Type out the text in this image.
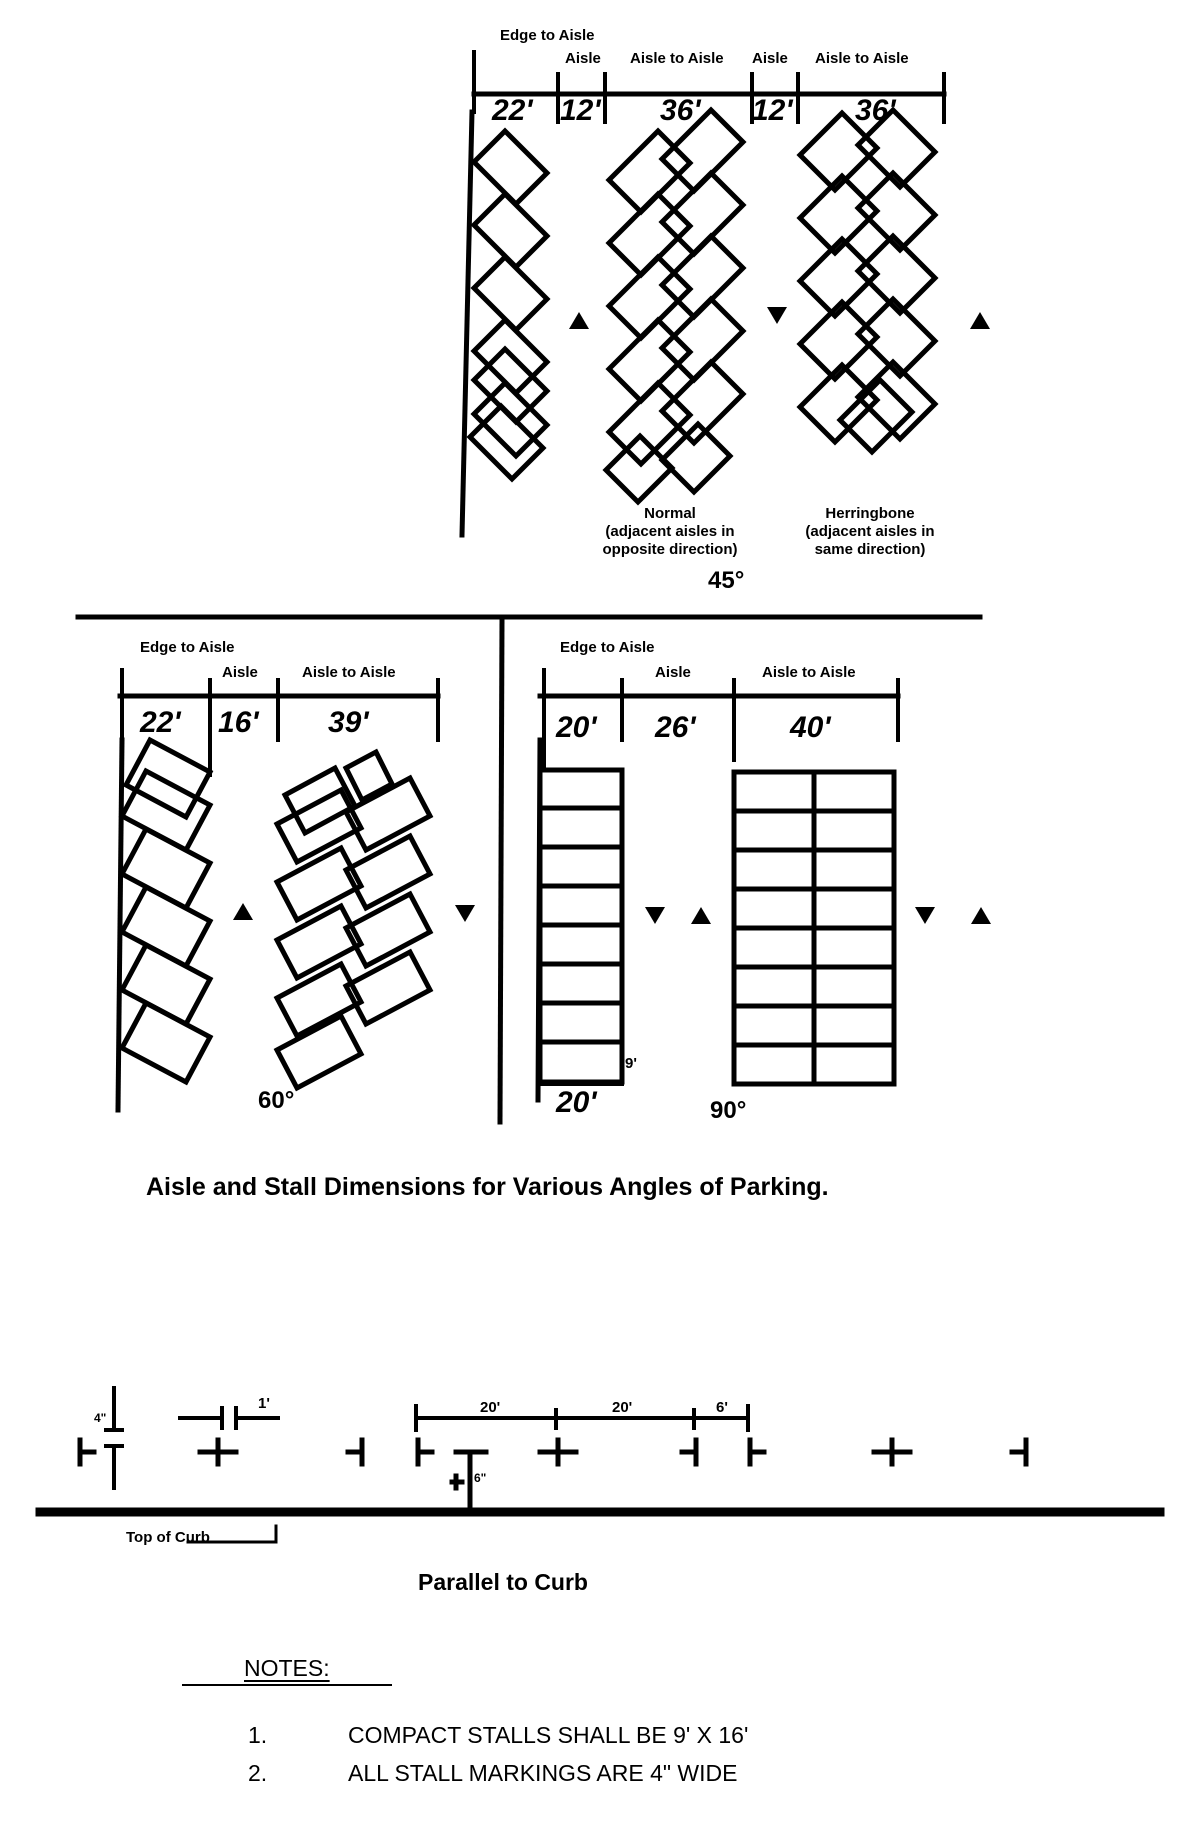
Edge to Aisle
Aisle Aisle to Aisle Aisle Aisle to Aisle
22' 12' 36' 12' 36'
Normal
(adjacent aisles in
opposite direction)
Herringbone
(adjacent aisles in
same direction)
45°
Edge to Aisle
Aisle	Aisle to Aisle
22' 16' 39'
60°
Edge to Aisle
Aisle	Aisle to Aisle
20' 26'	40'
9'
20'	90°
Aisle and Stall Dimensions for Various Angles of Parking.
20'	20'	6'
1'
4"
6"
Top of Curb
Parallel to Curb
NOTES:
1.	COMPACT STALLS SHALL BE 9' X 16'
2.	ALL STALL MARKINGS ARE 4" WIDE
